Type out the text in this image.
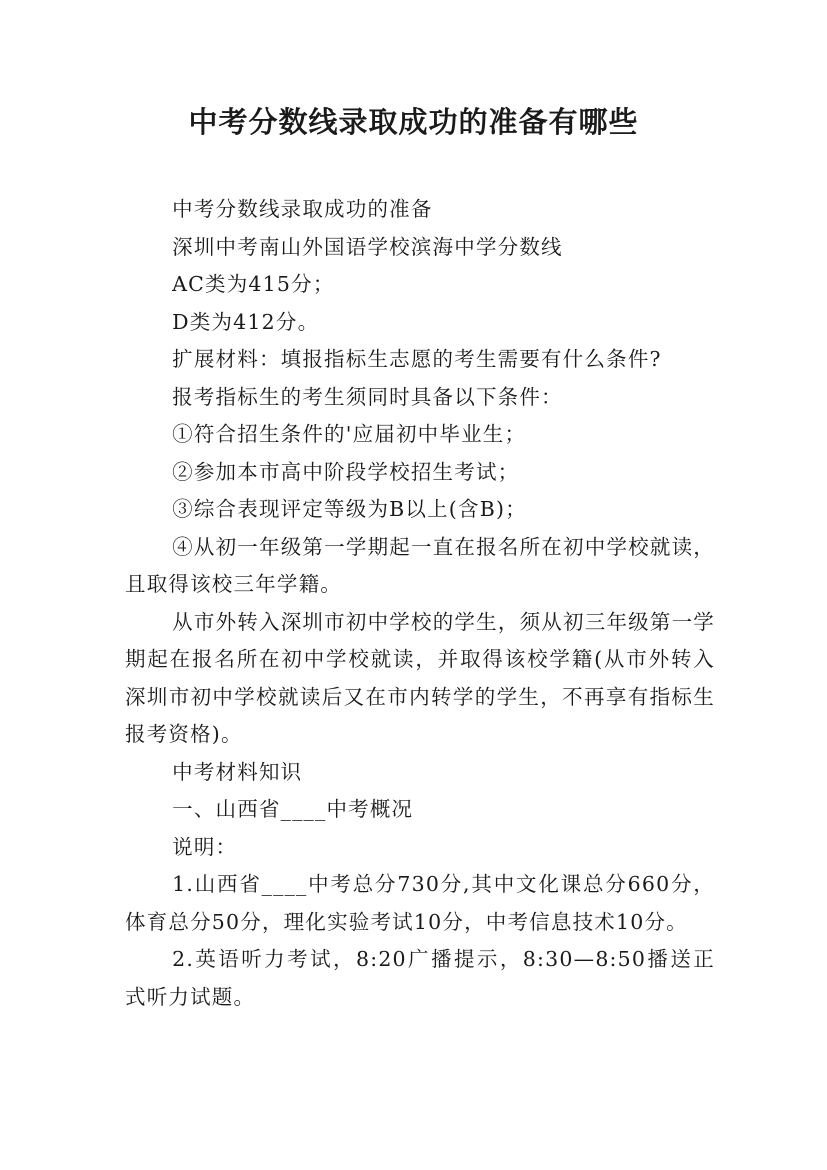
中考分数线录取成功的准备有哪些

中考分数线录取成功的准备

深圳中考南山外国语学校滨海中学分数线

AC类为415分；

D类为412分。

扩展材料：填报指标生志愿的考生需要有什么条件?

报考指标生的考生须同时具备以下条件：

①符合招生条件的'应届初中毕业生；

②参加本市高中阶段学校招生考试；

③综合表现评定等级为B以上(含B)；

④从初一年级第一学期起一直在报名所在初中学校就读，且取得该校三年学籍。

从市外转入深圳市初中学校的学生，须从初三年级第一学期起在报名所在初中学校就读，并取得该校学籍(从市外转入深圳市初中学校就读后又在市内转学的学生，不再享有指标生报考资格)。

中考材料知识

一、山西省____中考概况

说明：

1.山西省____中考总分730分,其中文化课总分660分，体育总分50分，理化实验考试10分，中考信息技术10分。

2.英语听力考试，8:20广播提示，8:30—8:50播送正式听力试题。
